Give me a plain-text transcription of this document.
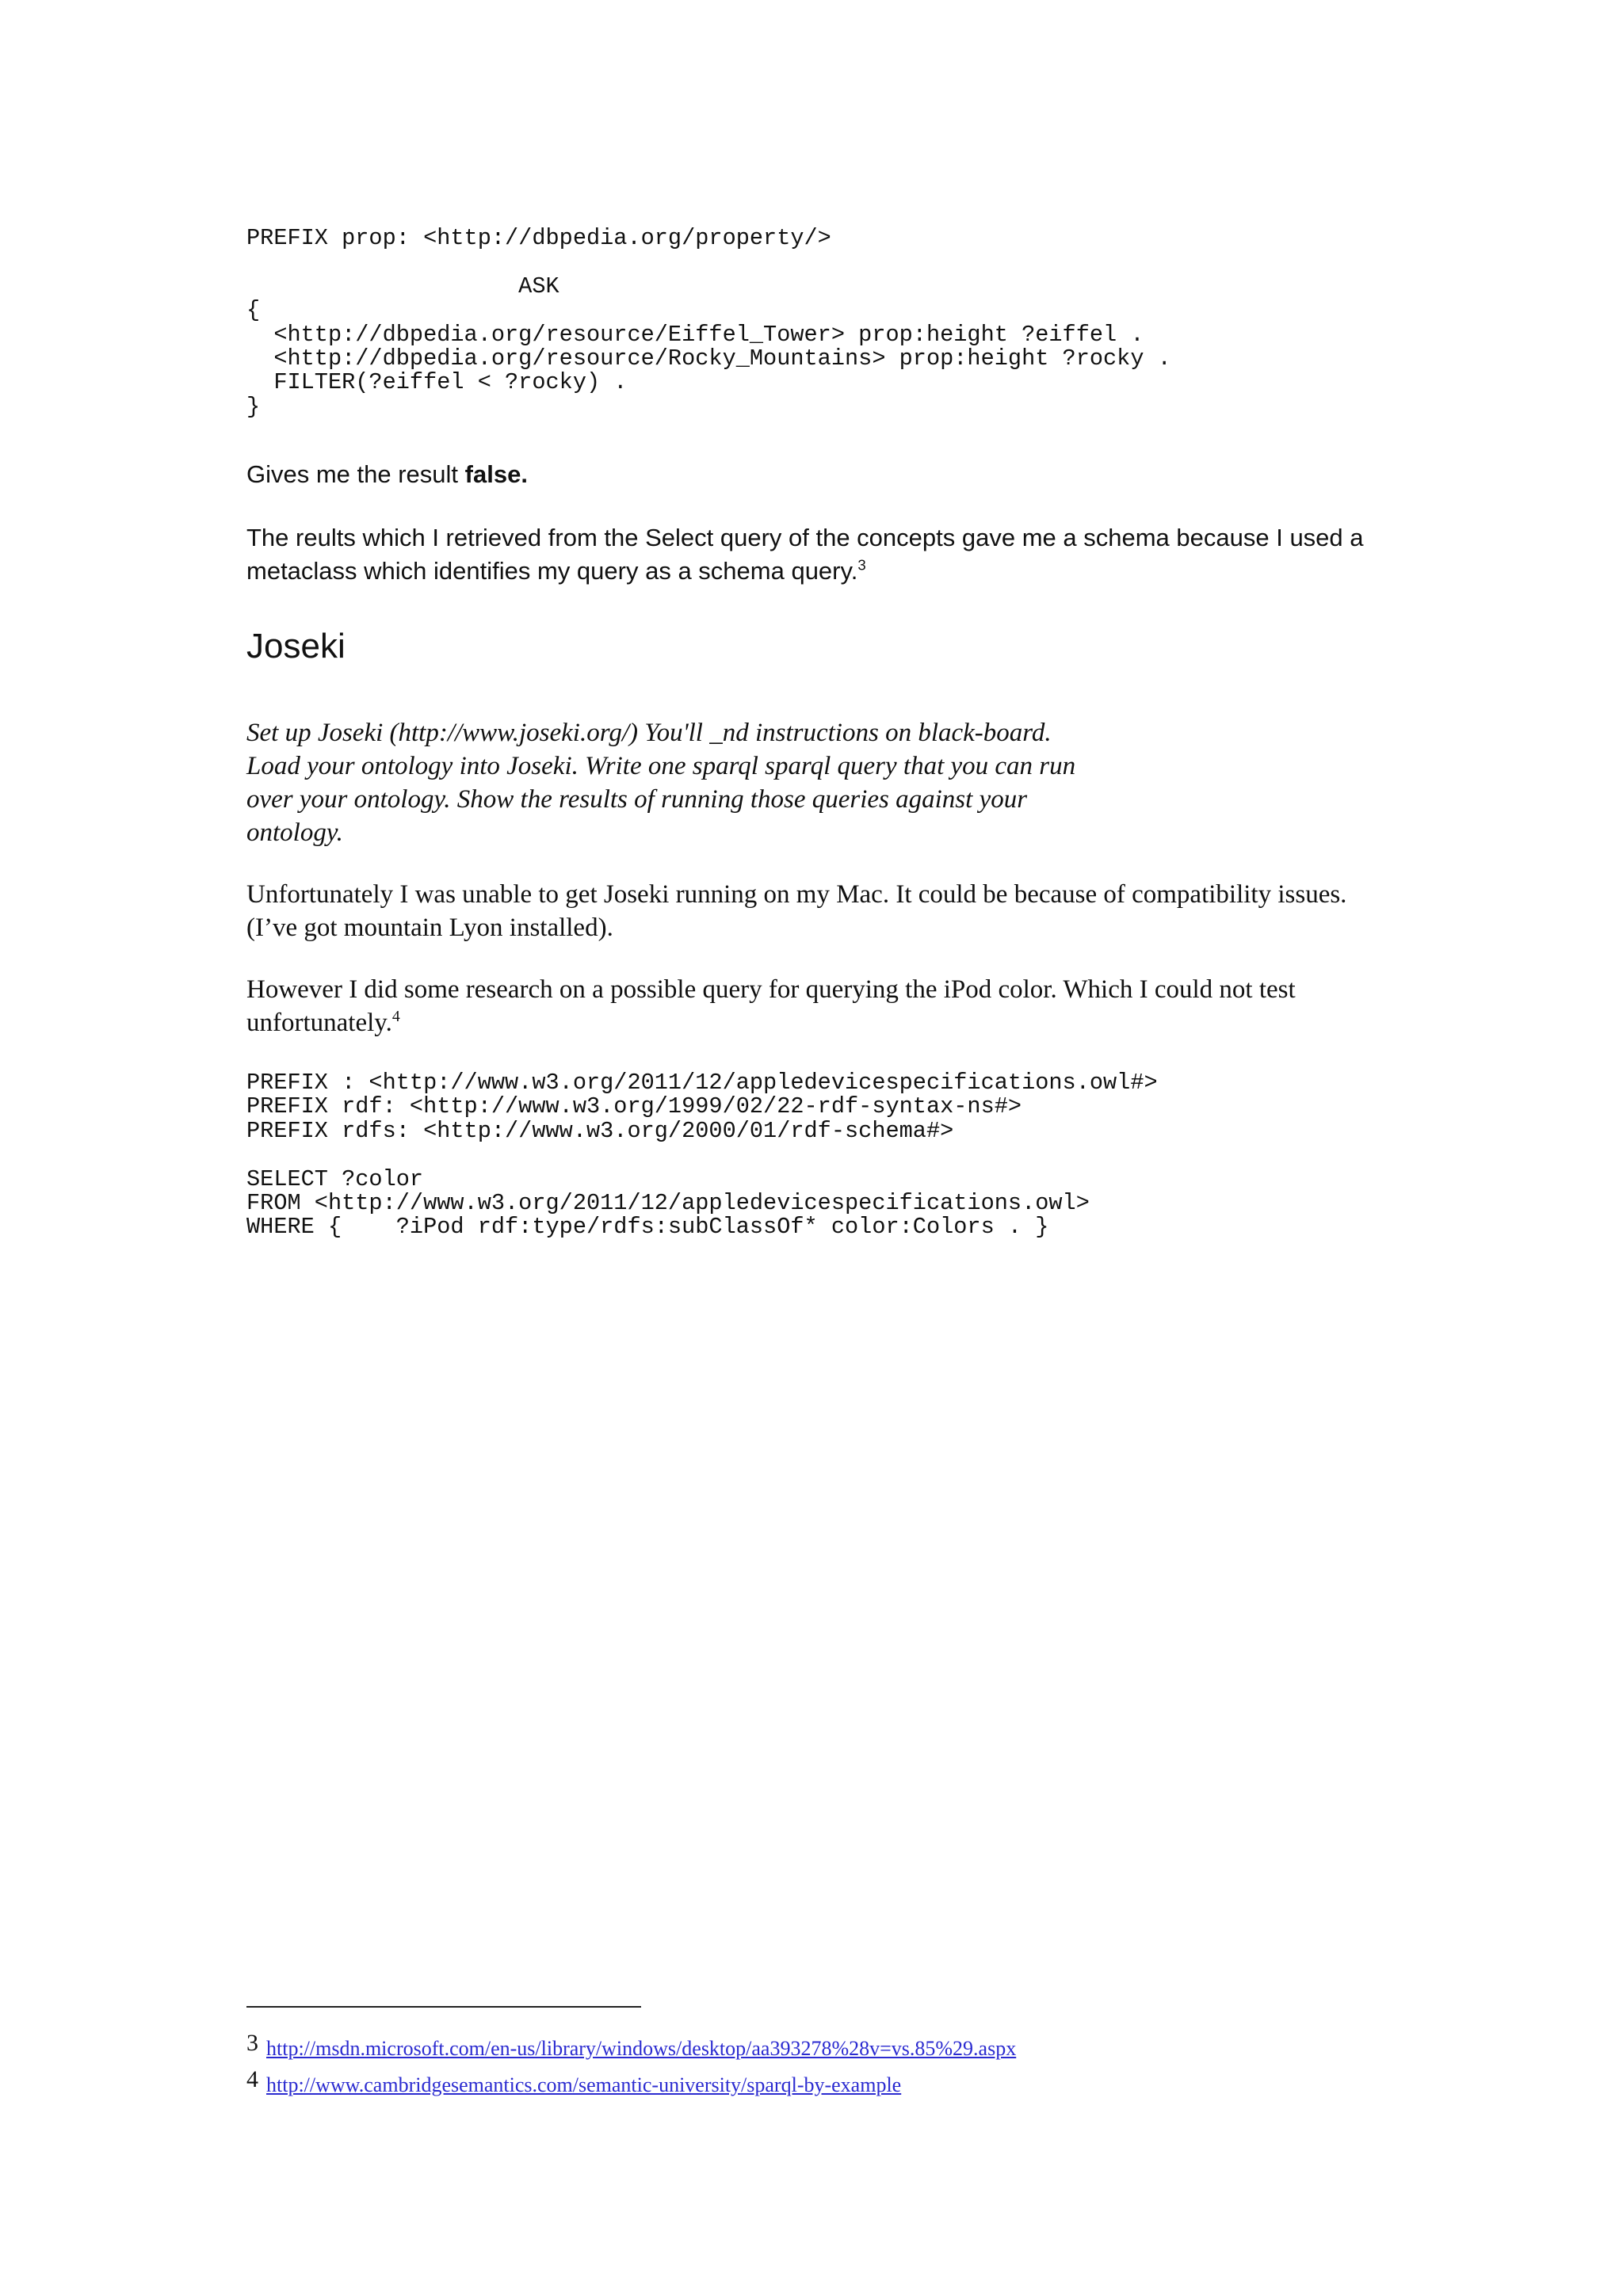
PREFIX prop: <http://dbpedia.org/property/>

ASK
{
<http://dbpedia.org/resource/Eiffel_Tower> prop:height ?eiffel .
<http://dbpedia.org/resource/Rocky_Mountains> prop:height ?rocky .
FILTER(?eiffel < ?rocky) .
}

Gives me the result false.

The reults which I retrieved from the Select query of the concepts gave me a schema because I used a metaclass which identifies my query as a schema query.$^3$

Joseki

Set up Joseki (http://www.joseki.org/) You'll _nd instructions on black-board. Load your ontology into Joseki. Write one sparql sparql query that you can run over your ontology. Show the results of running those queries against your ontology.

Unfortunately I was unable to get Joseki running on my Mac. It could be because of compatibility issues. (I’ve got mountain Lyon installed).

However I did some research on a possible query for querying the iPod color. Which I could not test unfortunately.$^4$

PREFIX : <http://www.w3.org/2011/12/appledevicespecifications.owl#>
PREFIX rdf: <http://www.w3.org/1999/02/22-rdf-syntax-ns#>
PREFIX rdfs: <http://www.w3.org/2000/01/rdf-schema#>

SELECT ?color
FROM <http://www.w3.org/2011/12/appledevicespecifications.owl>
WHERE {    ?iPod rdf:type/rdfs:subClassOf* color:Colors . }
3 http://msdn.microsoft.com/en-us/library/windows/desktop/aa393278%28v=vs.85%29.aspx
4 http://www.cambridgesemantics.com/semantic-university/sparql-by-example
